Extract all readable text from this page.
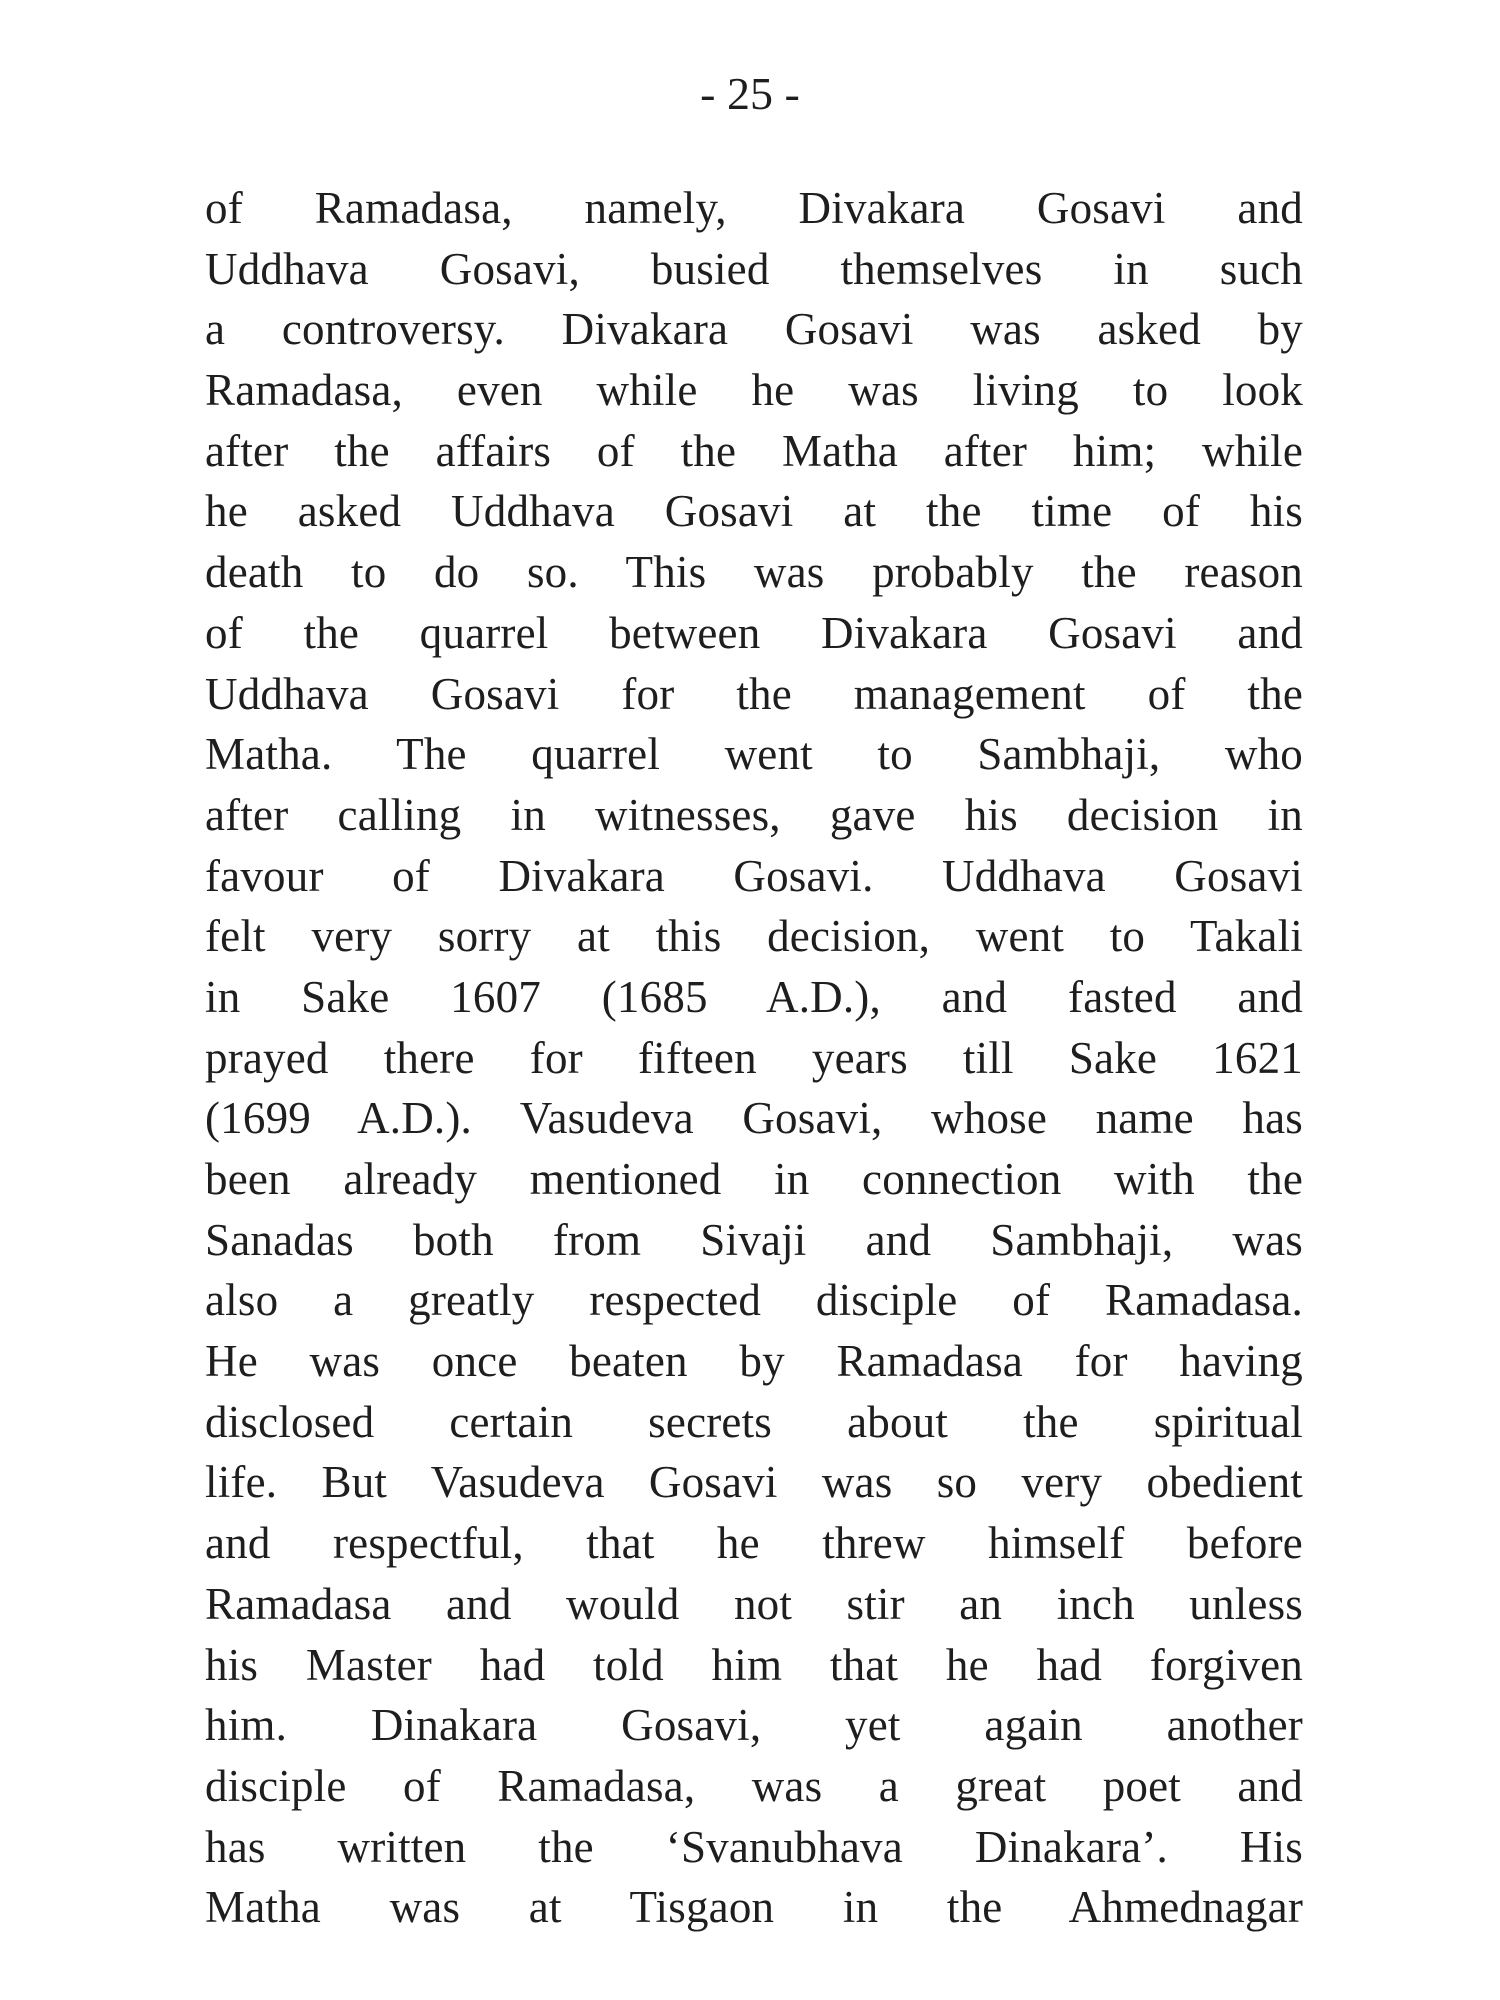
- 25 -
of Ramadasa, namely, Divakara Gosavi and
Uddhava Gosavi, busied themselves in such
a controversy. Divakara Gosavi was asked by
Ramadasa, even while he was living to look
after the affairs of the Matha after him; while
he asked Uddhava Gosavi at the time of his
death to do so. This was probably the reason
of the quarrel between Divakara Gosavi and
Uddhava Gosavi for the management of the
Matha. The quarrel went to Sambhaji, who
after calling in witnesses, gave his decision in
favour of Divakara Gosavi. Uddhava Gosavi
felt very sorry at this decision, went to Takali
in Sake 1607 (1685 A.D.), and fasted and
prayed there for fifteen years till Sake 1621
(1699 A.D.). Vasudeva Gosavi, whose name has
been already mentioned in connection with the
Sanadas both from Sivaji and Sambhaji, was
also a greatly respected disciple of Ramadasa.
He was once beaten by Ramadasa for having
disclosed certain secrets about the spiritual
life. But Vasudeva Gosavi was so very obedient
and respectful, that he threw himself before
Ramadasa and would not stir an inch unless
his Master had told him that he had forgiven
him. Dinakara Gosavi, yet again another
disciple of Ramadasa, was a great poet and
has written the ‘Svanubhava Dinakara’. His
Matha was at Tisgaon in the Ahmednagar
